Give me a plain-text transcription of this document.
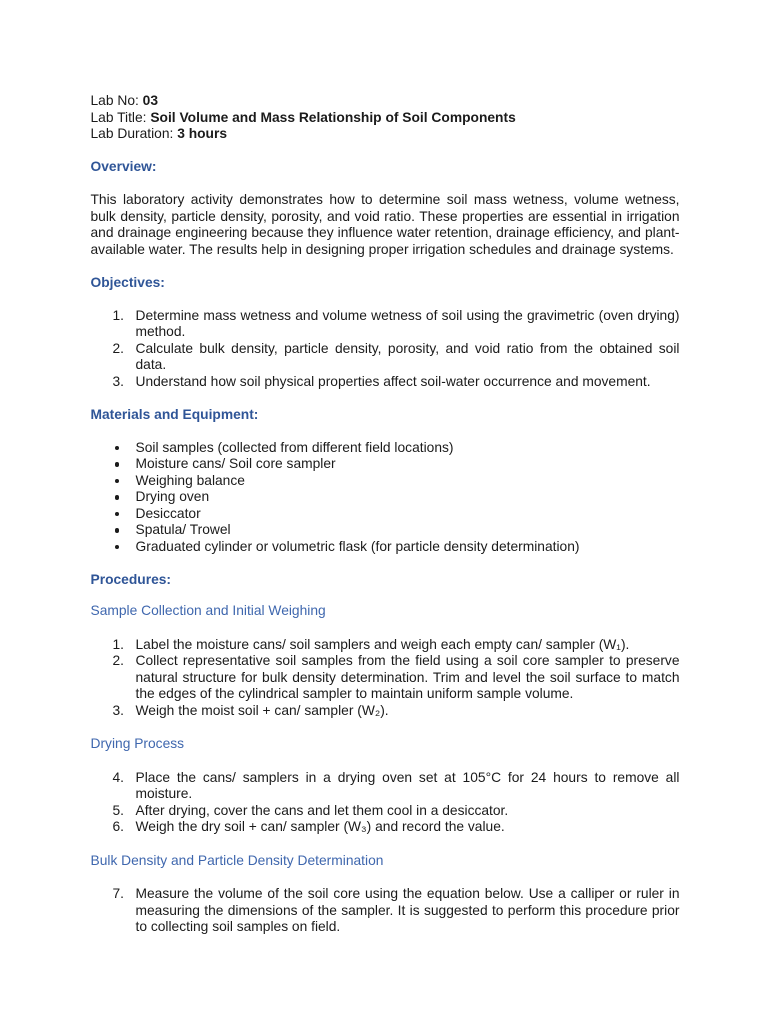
Lab No: 03
Lab Title: Soil Volume and Mass Relationship of Soil Components
Lab Duration: 3 hours
Overview:
This laboratory activity demonstrates how to determine soil mass wetness, volume wetness, bulk density, particle density, porosity, and void ratio. These properties are essential in irrigation and drainage engineering because they influence water retention, drainage efficiency, and plant-available water. The results help in designing proper irrigation schedules and drainage systems.
Objectives:
1. Determine mass wetness and volume wetness of soil using the gravimetric (oven drying) method.
2. Calculate bulk density, particle density, porosity, and void ratio from the obtained soil data.
3. Understand how soil physical properties affect soil-water occurrence and movement.
Materials and Equipment:
Soil samples (collected from different field locations)
Moisture cans/ Soil core sampler
Weighing balance
Drying oven
Desiccator
Spatula/ Trowel
Graduated cylinder or volumetric flask (for particle density determination)
Procedures:
Sample Collection and Initial Weighing
1. Label the moisture cans/ soil samplers and weigh each empty can/ sampler (W₁).
2. Collect representative soil samples from the field using a soil core sampler to preserve natural structure for bulk density determination. Trim and level the soil surface to match the edges of the cylindrical sampler to maintain uniform sample volume.
3. Weigh the moist soil + can/ sampler (W₂).
Drying Process
4. Place the cans/ samplers in a drying oven set at 105°C for 24 hours to remove all moisture.
5. After drying, cover the cans and let them cool in a desiccator.
6. Weigh the dry soil + can/ sampler (W₃) and record the value.
Bulk Density and Particle Density Determination
7. Measure the volume of the soil core using the equation below. Use a calliper or ruler in measuring the dimensions of the sampler. It is suggested to perform this procedure prior to collecting soil samples on field.
